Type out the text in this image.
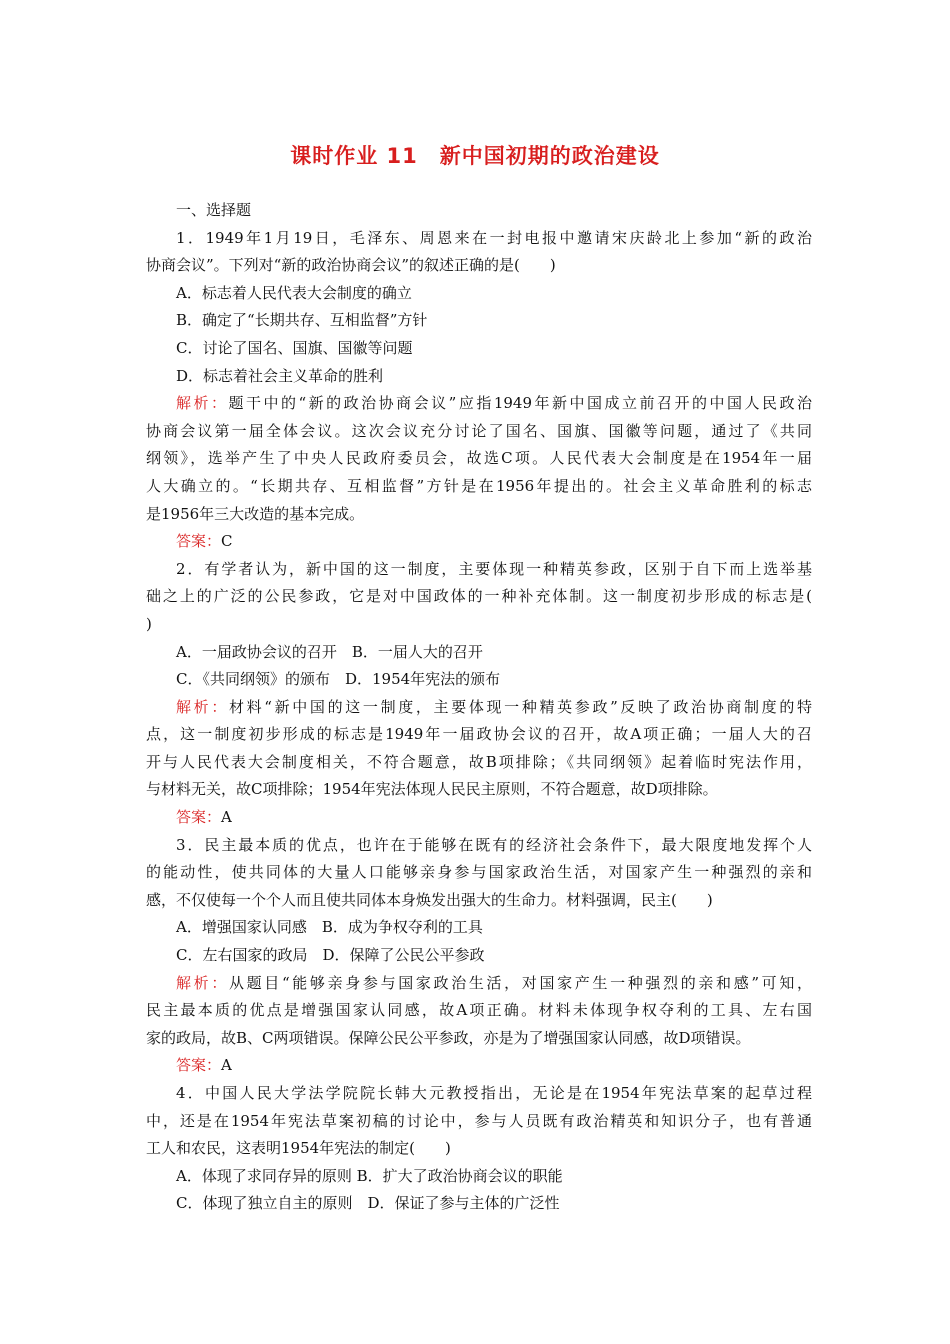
课时作业 11　新中国初期的政治建设
一、选择题
1．1949年1月19日，毛泽东、周恩来在一封电报中邀请宋庆龄北上参加“新的政治
协商会议”。下列对“新的政治协商会议”的叙述正确的是(　　)
A．标志着人民代表大会制度的确立
B．确定了“长期共存、互相监督”方针
C．讨论了国名、国旗、国徽等问题
D．标志着社会主义革命的胜利
解析：题干中的“新的政治协商会议”应指1949年新中国成立前召开的中国人民政治
协商会议第一届全体会议。这次会议充分讨论了国名、国旗、国徽等问题，通过了《共同
纲领》，选举产生了中央人民政府委员会，故选C项。人民代表大会制度是在1954年一届
人大确立的。“长期共存、互相监督”方针是在1956年提出的。社会主义革命胜利的标志
是1956年三大改造的基本完成。
答案：C
2．有学者认为，新中国的这一制度，主要体现一种精英参政，区别于自下而上选举基
础之上的广泛的公民参政，它是对中国政体的一种补充体制。这一制度初步形成的标志是(
)
A．一届政协会议的召开　B．一届人大的召开
C．《共同纲领》的颁布　D．1954年宪法的颁布
解析：材料“新中国的这一制度，主要体现一种精英参政”反映了政治协商制度的特
点，这一制度初步形成的标志是1949年一届政协会议的召开，故A项正确；一届人大的召
开与人民代表大会制度相关，不符合题意，故B项排除；《共同纲领》起着临时宪法作用，
与材料无关，故C项排除；1954年宪法体现人民民主原则，不符合题意，故D项排除。
答案：A
3．民主最本质的优点，也许在于能够在既有的经济社会条件下，最大限度地发挥个人
的能动性，使共同体的大量人口能够亲身参与国家政治生活，对国家产生一种强烈的亲和
感，不仅使每一个个人而且使共同体本身焕发出强大的生命力。材料强调，民主(　　)
A．增强国家认同感　B．成为争权夺利的工具
C．左右国家的政局　D．保障了公民公平参政
解析：从题目“能够亲身参与国家政治生活，对国家产生一种强烈的亲和感”可知，
民主最本质的优点是增强国家认同感，故A项正确。材料未体现争权夺利的工具、左右国
家的政局，故B、C两项错误。保障公民公平参政，亦是为了增强国家认同感，故D项错误。
答案：A
4．中国人民大学法学院院长韩大元教授指出，无论是在1954年宪法草案的起草过程
中，还是在1954年宪法草案初稿的讨论中，参与人员既有政治精英和知识分子，也有普通
工人和农民，这表明1954年宪法的制定(　　)
A．体现了求同存异的原则 B．扩大了政治协商会议的职能
C．体现了独立自主的原则　D．保证了参与主体的广泛性
